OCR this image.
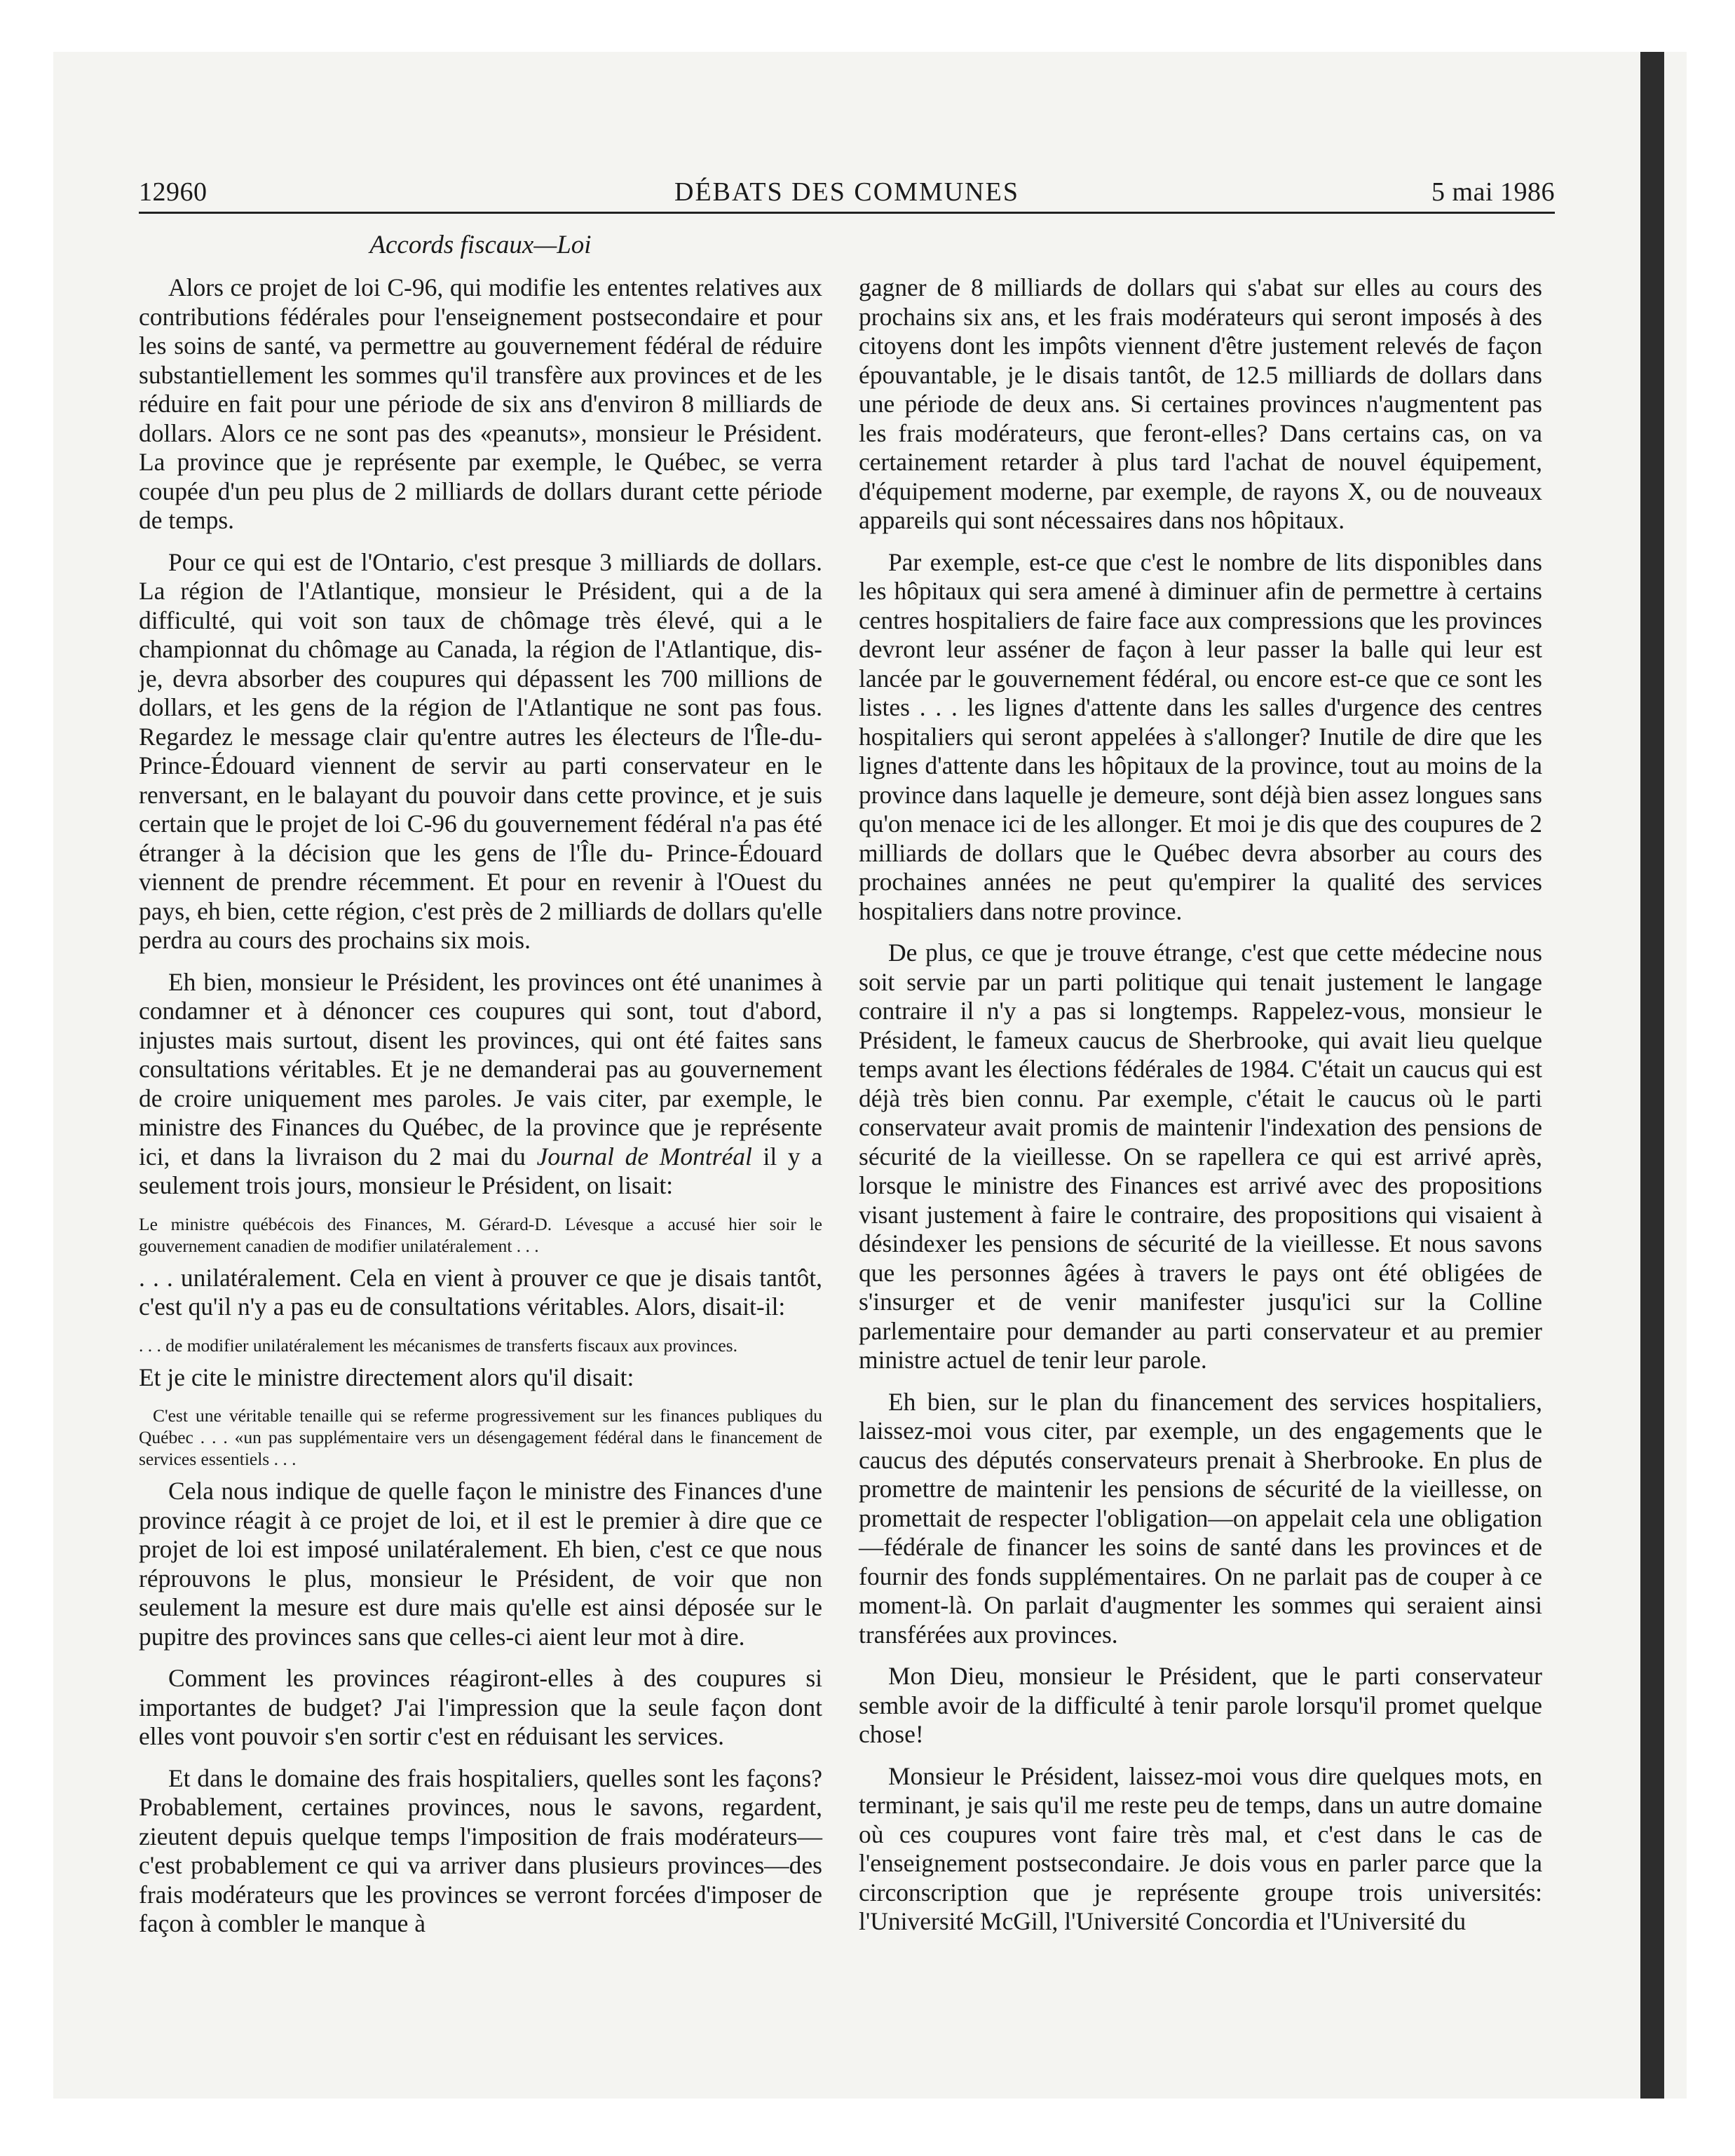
12960	DÉBATS DES COMMUNES	5 mai 1986
Accords fiscaux—Loi

Alors ce projet de loi C-96, qui modifie les ententes relatives aux contributions fédérales pour l'enseignement postsecondaire et pour les soins de santé, va permettre au gouvernement fédéral de réduire substantiellement les sommes qu'il transfère aux provinces et de les réduire en fait pour une période de six ans d'environ 8 milliards de dollars. Alors ce ne sont pas des «peanuts», monsieur le Président. La province que je représente par exemple, le Québec, se verra coupée d'un peu plus de 2 milliards de dollars durant cette période de temps.

Pour ce qui est de l'Ontario, c'est presque 3 milliards de dollars. La région de l'Atlantique, monsieur le Président, qui a de la difficulté, qui voit son taux de chômage très élevé, qui a le championnat du chômage au Canada, la région de l'Atlantique, dis-je, devra absorber des coupures qui dépassent les 700 millions de dollars, et les gens de la région de l'Atlantique ne sont pas fous. Regardez le message clair qu'entre autres les électeurs de l'Île-du-Prince-Édouard viennent de servir au parti conservateur en le renversant, en le balayant du pouvoir dans cette province, et je suis certain que le projet de loi C-96 du gouvernement fédéral n'a pas été étranger à la décision que les gens de l'Île du- Prince-Édouard viennent de prendre récemment. Et pour en revenir à l'Ouest du pays, eh bien, cette région, c'est près de 2 milliards de dollars qu'elle perdra au cours des prochains six mois.

Eh bien, monsieur le Président, les provinces ont été unanimes à condamner et à dénoncer ces coupures qui sont, tout d'abord, injustes mais surtout, disent les provinces, qui ont été faites sans consultations véritables. Et je ne demanderai pas au gouvernement de croire uniquement mes paroles. Je vais citer, par exemple, le ministre des Finances du Québec, de la province que je représente ici, et dans la livraison du 2 mai du Journal de Montréal il y a seulement trois jours, monsieur le Président, on lisait:

Le ministre québécois des Finances, M. Gérard-D. Lévesque a accusé hier soir le gouvernement canadien de modifier unilatéralement . . .

. . . unilatéralement. Cela en vient à prouver ce que je disais tantôt, c'est qu'il n'y a pas eu de consultations véritables. Alors, disait-il:

. . . de modifier unilatéralement les mécanismes de transferts fiscaux aux provinces.

Et je cite le ministre directement alors qu'il disait:

C'est une véritable tenaille qui se referme progressivement sur les finances publiques du Québec . . . «un pas supplémentaire vers un désengagement fédéral dans le financement de services essentiels . . .

Cela nous indique de quelle façon le ministre des Finances d'une province réagit à ce projet de loi, et il est le premier à dire que ce projet de loi est imposé unilatéralement. Eh bien, c'est ce que nous réprouvons le plus, monsieur le Président, de voir que non seulement la mesure est dure mais qu'elle est ainsi déposée sur le pupitre des provinces sans que celles-ci aient leur mot à dire.

Comment les provinces réagiront-elles à des coupures si importantes de budget? J'ai l'impression que la seule façon dont elles vont pouvoir s'en sortir c'est en réduisant les services.

Et dans le domaine des frais hospitaliers, quelles sont les façons? Probablement, certaines provinces, nous le savons, regardent, zieutent depuis quelque temps l'imposition de frais modérateurs—c'est probablement ce qui va arriver dans plusieurs provinces—des frais modérateurs que les provinces se verront forcées d'imposer de façon à combler le manque à

gagner de 8 milliards de dollars qui s'abat sur elles au cours des prochains six ans, et les frais modérateurs qui seront imposés à des citoyens dont les impôts viennent d'être justement relevés de façon épouvantable, je le disais tantôt, de 12.5 milliards de dollars dans une période de deux ans. Si certaines provinces n'augmentent pas les frais modérateurs, que feront-elles? Dans certains cas, on va certainement retarder à plus tard l'achat de nouvel équipement, d'équipement moderne, par exemple, de rayons X, ou de nouveaux appareils qui sont nécessaires dans nos hôpitaux.

Par exemple, est-ce que c'est le nombre de lits disponibles dans les hôpitaux qui sera amené à diminuer afin de permettre à certains centres hospitaliers de faire face aux compressions que les provinces devront leur asséner de façon à leur passer la balle qui leur est lancée par le gouvernement fédéral, ou encore est-ce que ce sont les listes . . . les lignes d'attente dans les salles d'urgence des centres hospitaliers qui seront appelées à s'allonger? Inutile de dire que les lignes d'attente dans les hôpitaux de la province, tout au moins de la province dans laquelle je demeure, sont déjà bien assez longues sans qu'on menace ici de les allonger. Et moi je dis que des coupures de 2 milliards de dollars que le Québec devra absorber au cours des prochaines années ne peut qu'empirer la qualité des services hospitaliers dans notre province.

De plus, ce que je trouve étrange, c'est que cette médecine nous soit servie par un parti politique qui tenait justement le langage contraire il n'y a pas si longtemps. Rappelez-vous, monsieur le Président, le fameux caucus de Sherbrooke, qui avait lieu quelque temps avant les élections fédérales de 1984. C'était un caucus qui est déjà très bien connu. Par exemple, c'était le caucus où le parti conservateur avait promis de maintenir l'indexation des pensions de sécurité de la vieillesse. On se rapellera ce qui est arrivé après, lorsque le ministre des Finances est arrivé avec des propositions visant justement à faire le contraire, des propositions qui visaient à désindexer les pensions de sécurité de la vieillesse. Et nous savons que les personnes âgées à travers le pays ont été obligées de s'insurger et de venir manifester jusqu'ici sur la Colline parlementaire pour demander au parti conservateur et au premier ministre actuel de tenir leur parole.

Eh bien, sur le plan du financement des services hospitaliers, laissez-moi vous citer, par exemple, un des engagements que le caucus des députés conservateurs prenait à Sherbrooke. En plus de promettre de maintenir les pensions de sécurité de la vieillesse, on promettait de respecter l'obligation—on appelait cela une obligation—fédérale de financer les soins de santé dans les provinces et de fournir des fonds supplémentaires. On ne parlait pas de couper à ce moment-là. On parlait d'augmenter les sommes qui seraient ainsi transférées aux provinces.

Mon Dieu, monsieur le Président, que le parti conservateur semble avoir de la difficulté à tenir parole lorsqu'il promet quelque chose!

Monsieur le Président, laissez-moi vous dire quelques mots, en terminant, je sais qu'il me reste peu de temps, dans un autre domaine où ces coupures vont faire très mal, et c'est dans le cas de l'enseignement postsecondaire. Je dois vous en parler parce que la circonscription que je représente groupe trois universités: l'Université McGill, l'Université Concordia et l'Université du
